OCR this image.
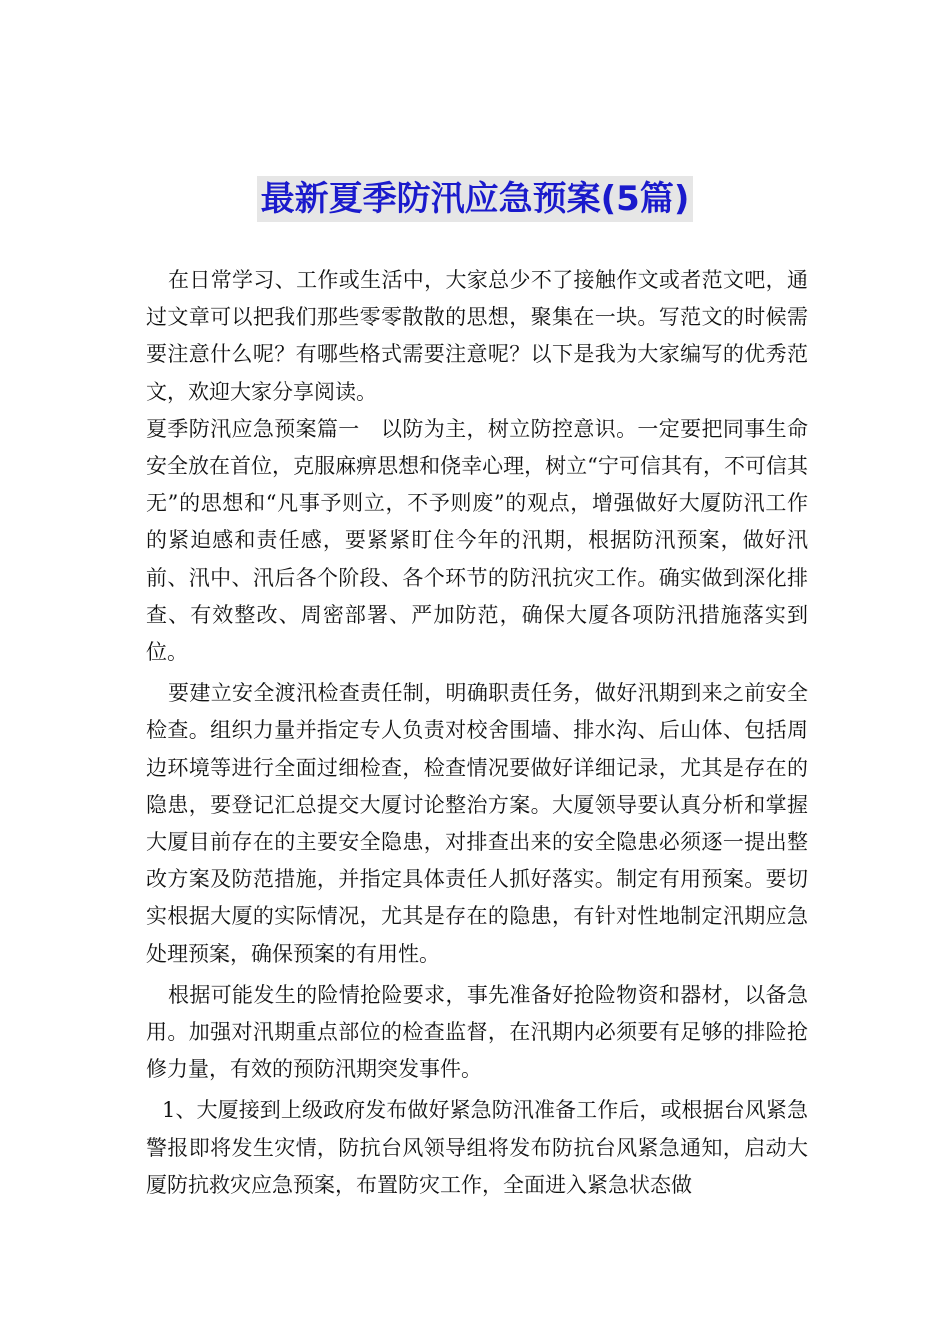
最新夏季防汛应急预案(5篇)

在日常学习、工作或生活中，大家总少不了接触作文或者范文吧，通过文章可以把我们那些零零散散的思想，聚集在一块。写范文的时候需要注意什么呢？有哪些格式需要注意呢？以下是我为大家编写的优秀范文，欢迎大家分享阅读。

夏季防汛应急预案篇一　以防为主，树立防控意识。一定要把同事生命安全放在首位，克服麻痹思想和侥幸心理，树立“宁可信其有，不可信其无”的思想和“凡事予则立，不予则废”的观点，增强做好大厦防汛工作的紧迫感和责任感，要紧紧盯住今年的汛期，根据防汛预案，做好汛前、汛中、汛后各个阶段、各个环节的防汛抗灾工作。确实做到深化排查、有效整改、周密部署、严加防范，确保大厦各项防汛措施落实到位。

要建立安全渡汛检查责任制，明确职责任务，做好汛期到来之前安全检查。组织力量并指定专人负责对校舍围墙、排水沟、后山体、包括周边环境等进行全面过细检查，检查情况要做好详细记录，尤其是存在的隐患，要登记汇总提交大厦讨论整治方案。大厦领导要认真分析和掌握大厦目前存在的主要安全隐患，对排查出来的安全隐患必须逐一提出整改方案及防范措施，并指定具体责任人抓好落实。制定有用预案。要切实根据大厦的实际情况，尤其是存在的隐患，有针对性地制定汛期应急处理预案，确保预案的有用性。

根据可能发生的险情抢险要求，事先准备好抢险物资和器材，以备急用。加强对汛期重点部位的检查监督，在汛期内必须要有足够的排险抢修力量，有效的预防汛期突发事件。

1、大厦接到上级政府发布做好紧急防汛准备工作后，或根据台风紧急警报即将发生灾情，防抗台风领导组将发布防抗台风紧急通知，启动大厦防抗救灾应急预案，布置防灾工作，全面进入紧急状态做
